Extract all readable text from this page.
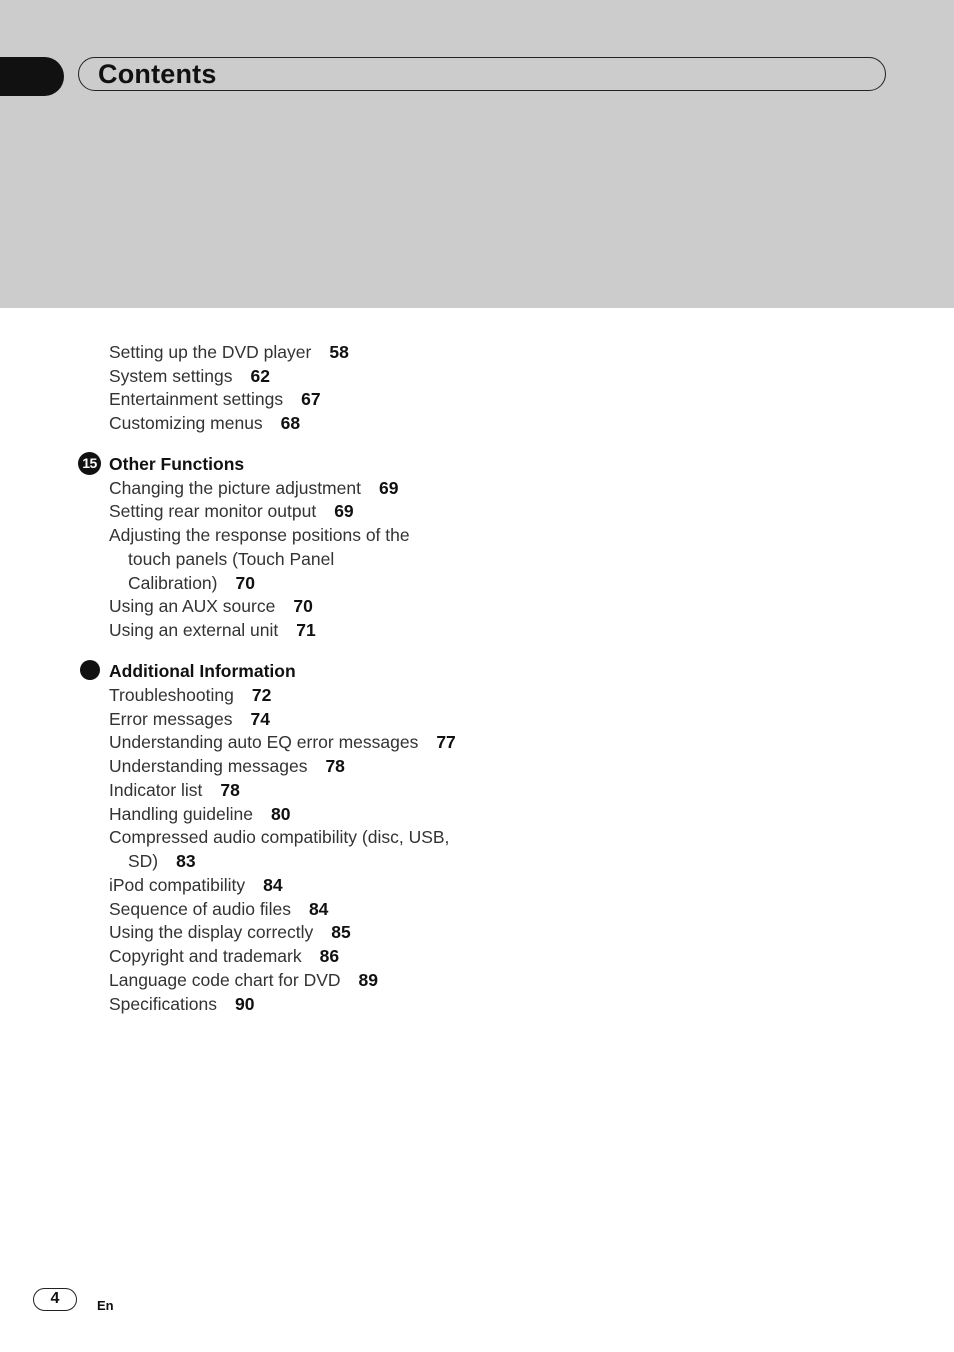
Contents
Setting up the DVD player 58
System settings 62
Entertainment settings 67
Customizing menus 68
15 Other Functions
Changing the picture adjustment 69
Setting rear monitor output 69
Adjusting the response positions of the
touch panels (Touch Panel
Calibration) 70
Using an AUX source 70
Using an external unit 71
Additional Information
Troubleshooting 72
Error messages 74
Understanding auto EQ error messages 77
Understanding messages 78
Indicator list 78
Handling guideline 80
Compressed audio compatibility (disc, USB,
SD) 83
iPod compatibility 84
Sequence of audio files 84
Using the display correctly 85
Copyright and trademark 86
Language code chart for DVD 89
Specifications 90
4	En
